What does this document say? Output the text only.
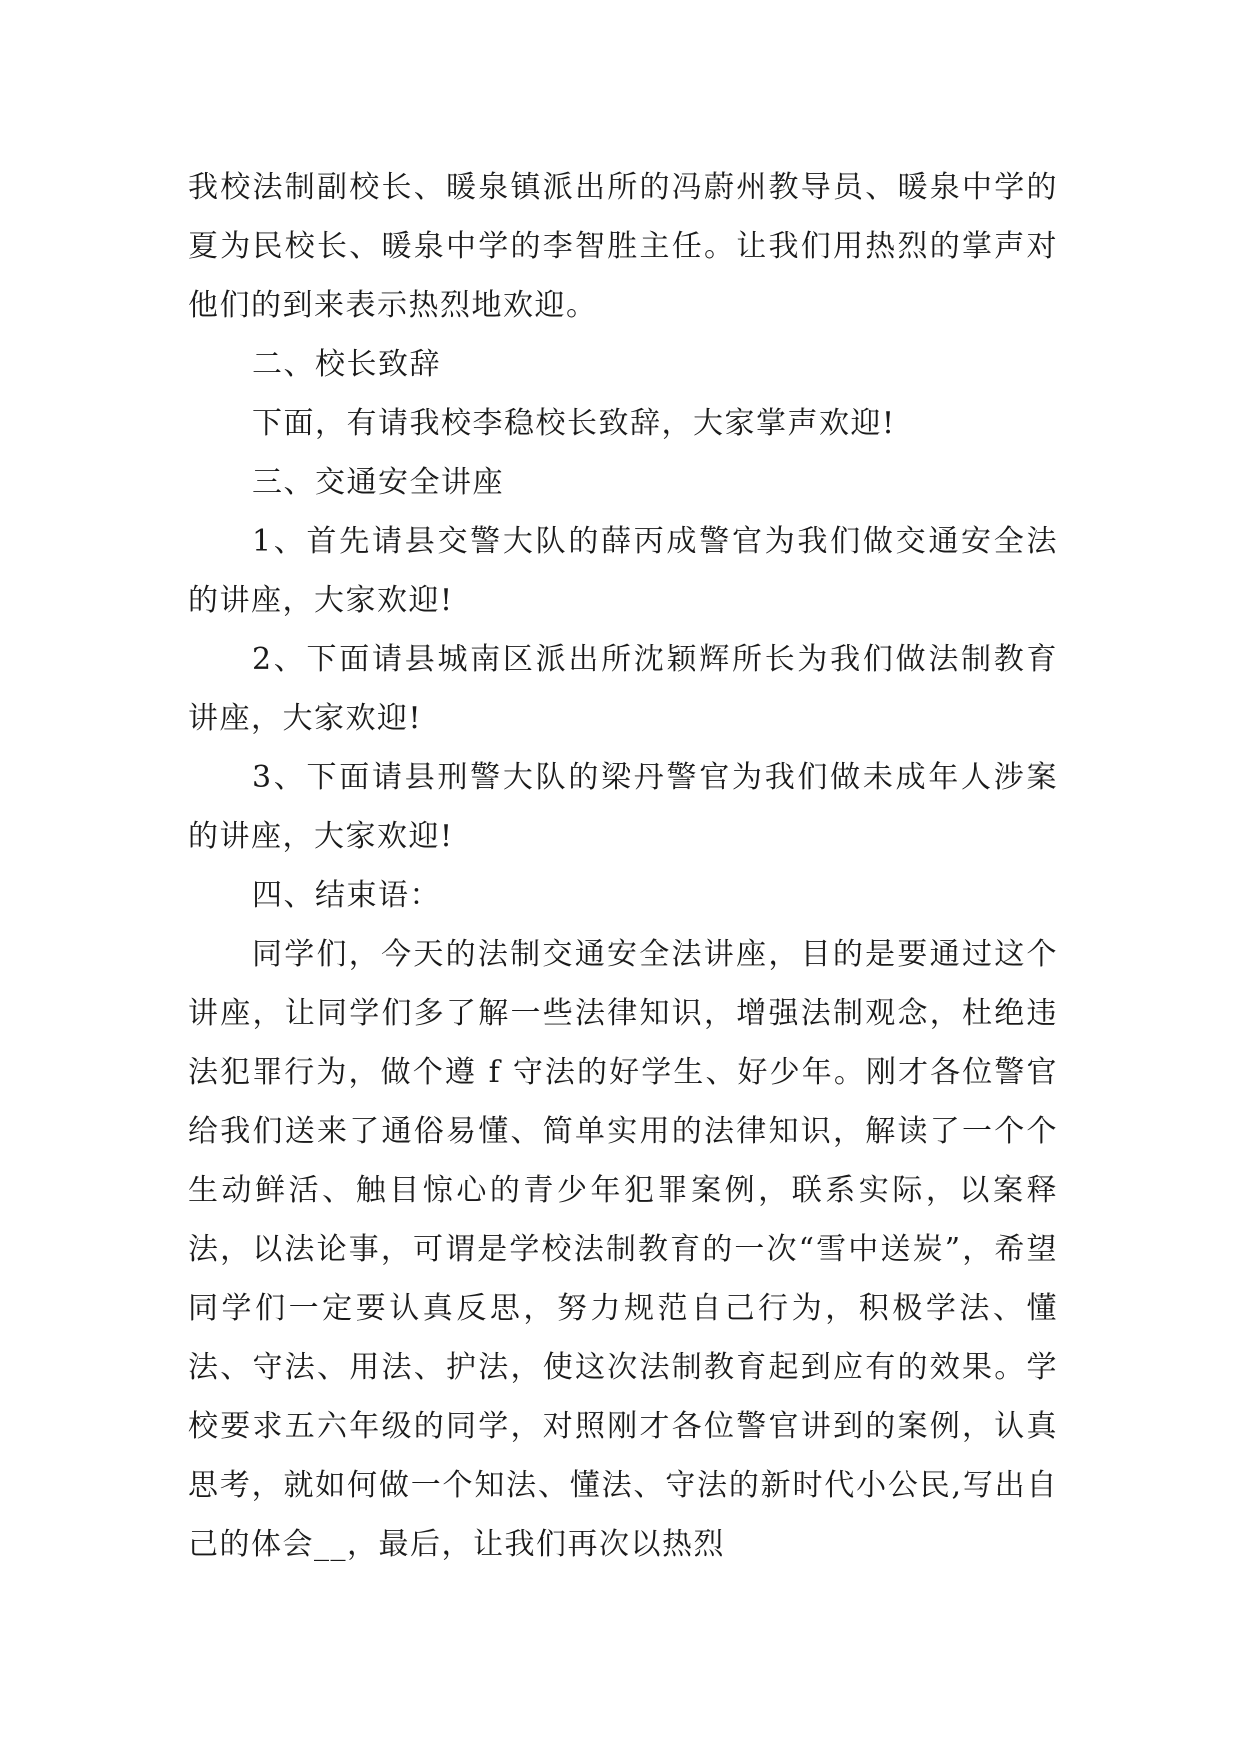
我校法制副校长、暖泉镇派出所的冯蔚州教导员、暖泉中学的夏为民校长、暖泉中学的李智胜主任。让我们用热烈的掌声对他们的到来表示热烈地欢迎。

二、校长致辞

下面，有请我校李稳校长致辞，大家掌声欢迎!

三、交通安全讲座

1、首先请县交警大队的薛丙成警官为我们做交通安全法的讲座，大家欢迎!

2、下面请县城南区派出所沈颖辉所长为我们做法制教育讲座，大家欢迎!

3、下面请县刑警大队的梁丹警官为我们做未成年人涉案的讲座，大家欢迎!

四、结束语：

同学们，今天的法制交通安全法讲座，目的是要通过这个讲座，让同学们多了解一些法律知识，增强法制观念，杜绝违法犯罪行为，做个遵 f 守法的好学生、好少年。刚才各位警官给我们送来了通俗易懂、简单实用的法律知识，解读了一个个生动鲜活、触目惊心的青少年犯罪案例，联系实际，以案释法，以法论事，可谓是学校法制教育的一次“雪中送炭”，希望同学们一定要认真反思，努力规范自己行为，积极学法、懂法、守法、用法、护法，使这次法制教育起到应有的效果。学校要求五六年级的同学，对照刚才各位警官讲到的案例，认真思考，就如何做一个知法、懂法、守法的新时代小公民,写出自己的体会__，最后，让我们再次以热烈
